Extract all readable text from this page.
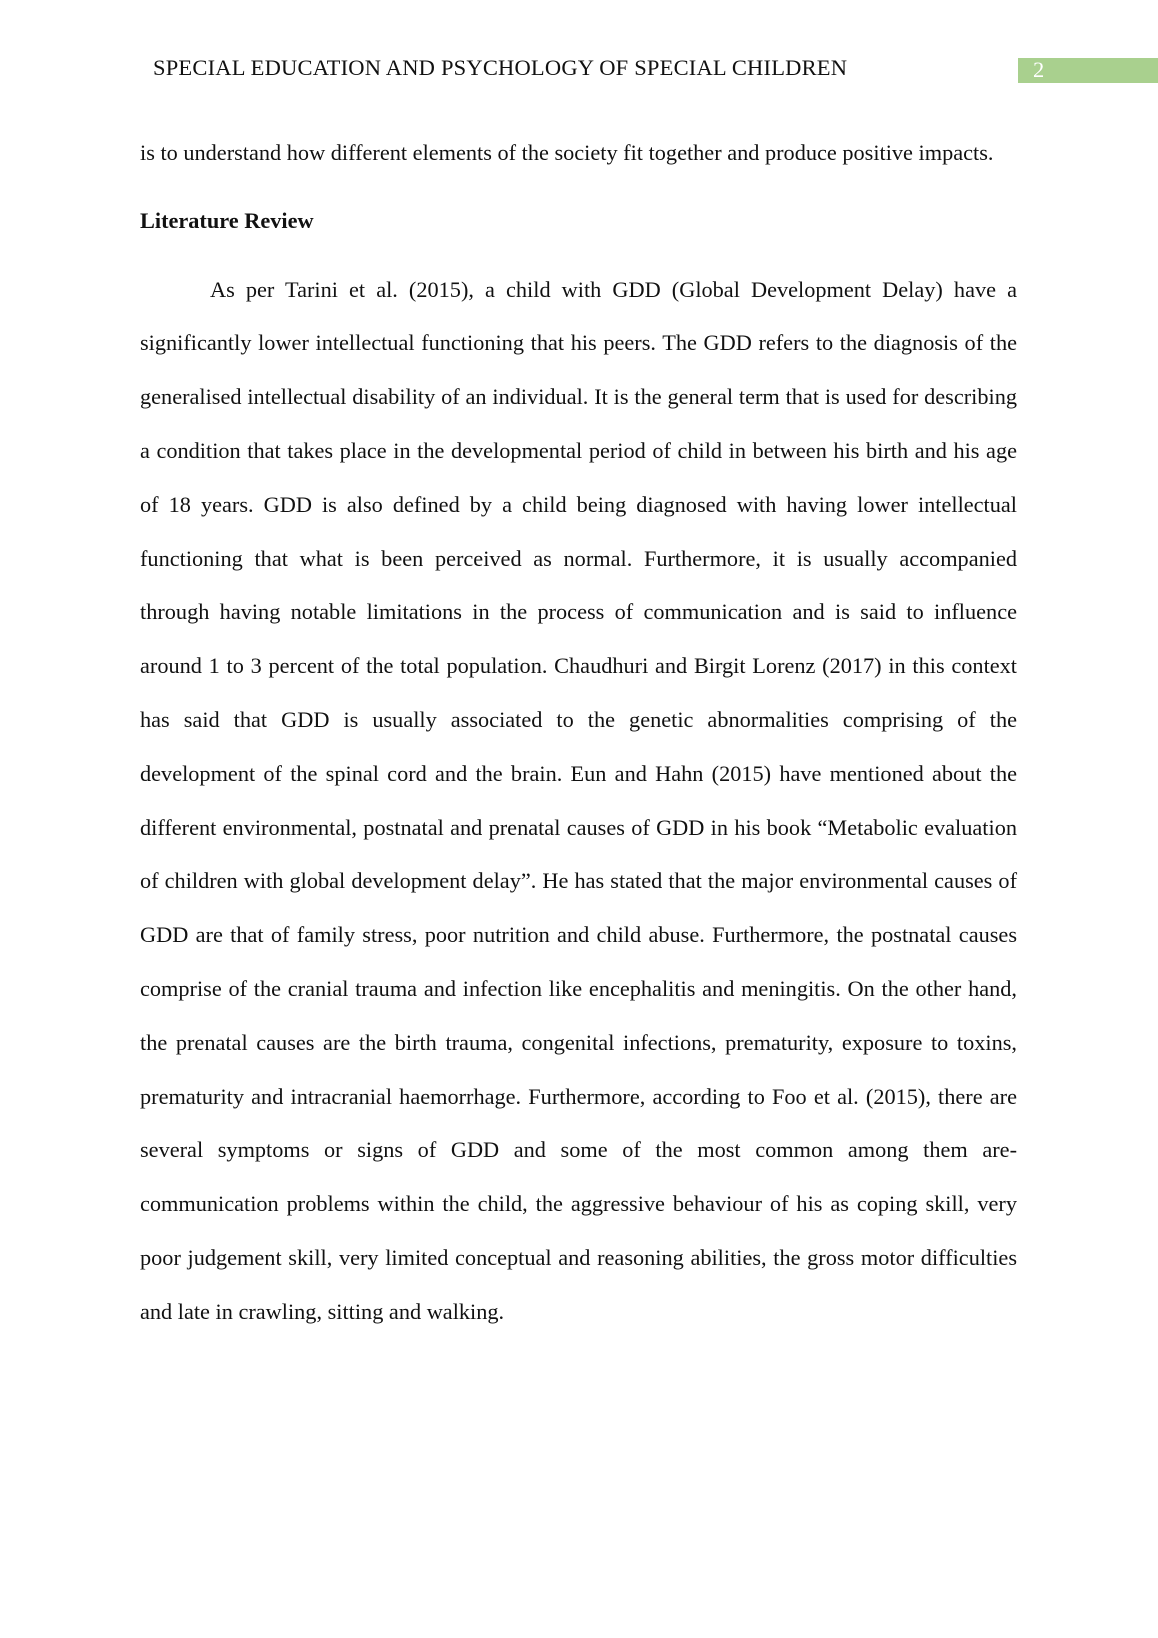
SPECIAL EDUCATION AND PSYCHOLOGY OF SPECIAL CHILDREN	2

is to understand how different elements of the society fit together and produce positive impacts.

Literature Review

As per Tarini et al. (2015), a child with GDD (Global Development Delay) have a significantly lower intellectual functioning that his peers. The GDD refers to the diagnosis of the generalised intellectual disability of an individual. It is the general term that is used for describing a condition that takes place in the developmental period of child in between his birth and his age of 18 years. GDD is also defined by a child being diagnosed with having lower intellectual functioning that what is been perceived as normal. Furthermore, it is usually accompanied through having notable limitations in the process of communication and is said to influence around 1 to 3 percent of the total population. Chaudhuri and Birgit Lorenz (2017) in this context has said that GDD is usually associated to the genetic abnormalities comprising of the development of the spinal cord and the brain. Eun and Hahn (2015) have mentioned about the different environmental, postnatal and prenatal causes of GDD in his book “Metabolic evaluation of children with global development delay”. He has stated that the major environmental causes of GDD are that of family stress, poor nutrition and child abuse. Furthermore, the postnatal causes comprise of the cranial trauma and infection like encephalitis and meningitis. On the other hand, the prenatal causes are the birth trauma, congenital infections, prematurity, exposure to toxins, prematurity and intracranial haemorrhage. Furthermore, according to Foo et al. (2015), there are several symptoms or signs of GDD and some of the most common among them are- communication problems within the child, the aggressive behaviour of his as coping skill, very poor judgement skill, very limited conceptual and reasoning abilities, the gross motor difficulties and late in crawling, sitting and walking.
